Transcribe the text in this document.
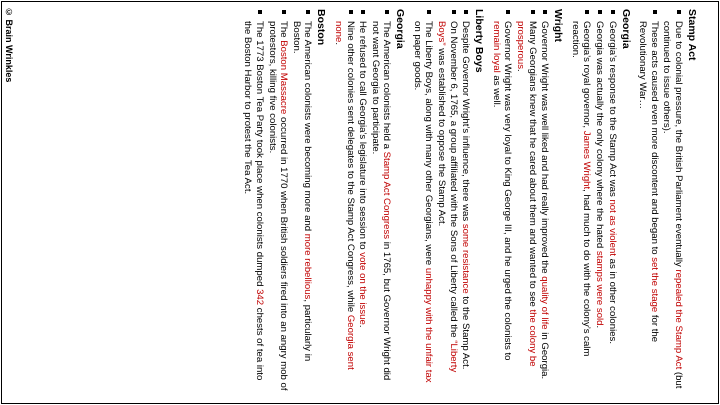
© Brain Wrinkles	Stamp Act
Due to colonial pressure, the British Parliament eventually repealed the Stamp Act (but continued to issue others).
These acts caused even more discontent and began to set the stage for the Revolutionary War…
Georgia
Georgia’s response to the Stamp Act was not as violent as in other colonies.
Georgia was actually the only colony where the hated stamps were sold.
Georgia’s royal governor, James Wright, had much to do with the colony’s calm reaction.
Wright
Governor Wright was well liked and had really improved the quality of life in Georgia.
Many Georgians knew that he cared about them and wanted to see the colony be prosperous.
Governor Wright was very loyal to King George III, and he urged the colonists to remain loyal as well.
Liberty Boys
Despite Governor Wright’s influence, there was some resistance to the Stamp Act.
On November 6, 1765, a group affiliated with the Sons of Liberty called the “Liberty Boys” was established to oppose the Stamp Act.
The Liberty Boys, along with many other Georgians, were unhappy with the unfair tax on paper goods.
Georgia
The American colonists held a Stamp Act Congress in 1765, but Governor Wright did not want Georgia to participate.
He refused to call Georgia’s legislature into session to vote on the issue.
Nine other colonies sent delegates to the Stamp Act Congress, while Georgia sent none.
Boston
The American colonists were becoming more and more rebellious, particularly in Boston.
The Boston Massacre occurred in 1770 when British soldiers fired into an angry mob of protestors, killing five colonists.
The 1773 Boston Tea Party took place when colonists dumped 342 chests of tea into the Boston Harbor to protest the Tea Act.
